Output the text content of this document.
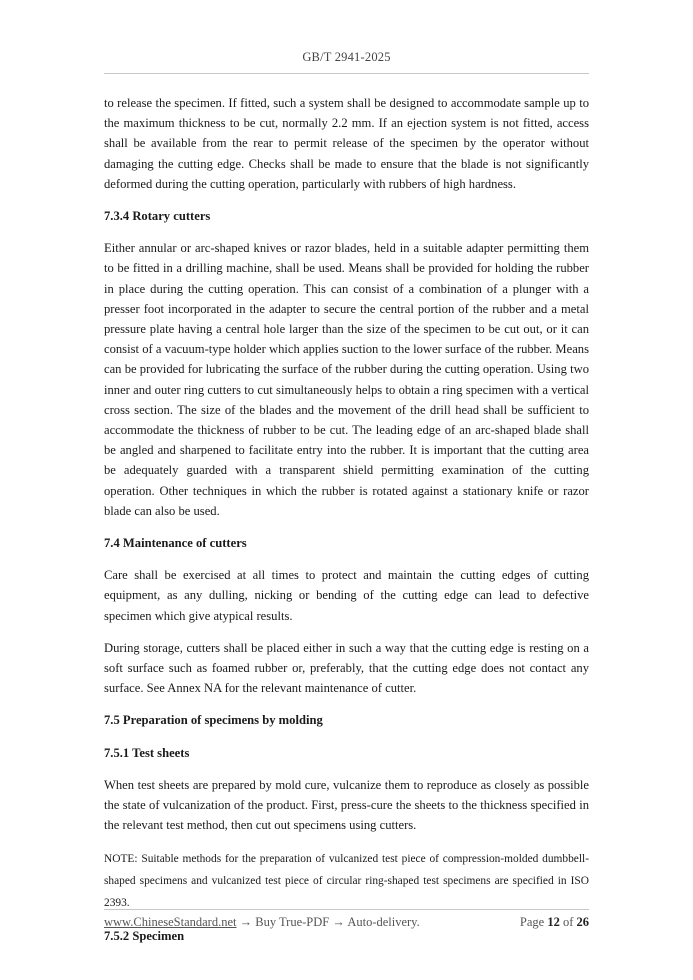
GB/T 2941-2025

to release the specimen. If fitted, such a system shall be designed to accommodate sample up to the maximum thickness to be cut, normally 2.2 mm. If an ejection system is not fitted, access shall be available from the rear to permit release of the specimen by the operator without damaging the cutting edge. Checks shall be made to ensure that the blade is not significantly deformed during the cutting operation, particularly with rubbers of high hardness.

7.3.4 Rotary cutters

Either annular or arc-shaped knives or razor blades, held in a suitable adapter permitting them to be fitted in a drilling machine, shall be used. Means shall be provided for holding the rubber in place during the cutting operation. This can consist of a combination of a plunger with a presser foot incorporated in the adapter to secure the central portion of the rubber and a metal pressure plate having a central hole larger than the size of the specimen to be cut out, or it can consist of a vacuum-type holder which applies suction to the lower surface of the rubber. Means can be provided for lubricating the surface of the rubber during the cutting operation. Using two inner and outer ring cutters to cut simultaneously helps to obtain a ring specimen with a vertical cross section. The size of the blades and the movement of the drill head shall be sufficient to accommodate the thickness of rubber to be cut. The leading edge of an arc-shaped blade shall be angled and sharpened to facilitate entry into the rubber. It is important that the cutting area be adequately guarded with a transparent shield permitting examination of the cutting operation. Other techniques in which the rubber is rotated against a stationary knife or razor blade can also be used.

7.4 Maintenance of cutters

Care shall be exercised at all times to protect and maintain the cutting edges of cutting equipment, as any dulling, nicking or bending of the cutting edge can lead to defective specimen which give atypical results.

During storage, cutters shall be placed either in such a way that the cutting edge is resting on a soft surface such as foamed rubber or, preferably, that the cutting edge does not contact any surface. See Annex NA for the relevant maintenance of cutter.

7.5 Preparation of specimens by molding
7.5.1 Test sheets

When test sheets are prepared by mold cure, vulcanize them to reproduce as closely as possible the state of vulcanization of the product. First, press-cure the sheets to the thickness specified in the relevant test method, then cut out specimens using cutters.

NOTE: Suitable methods for the preparation of vulcanized test piece of compression-molded dumbbell-shaped specimens and vulcanized test piece of circular ring-shaped test specimens are specified in ISO 2393.

7.5.2 Specimen
www.ChineseStandard.net → Buy True-PDF → Auto-delivery.	Page 12 of 26
